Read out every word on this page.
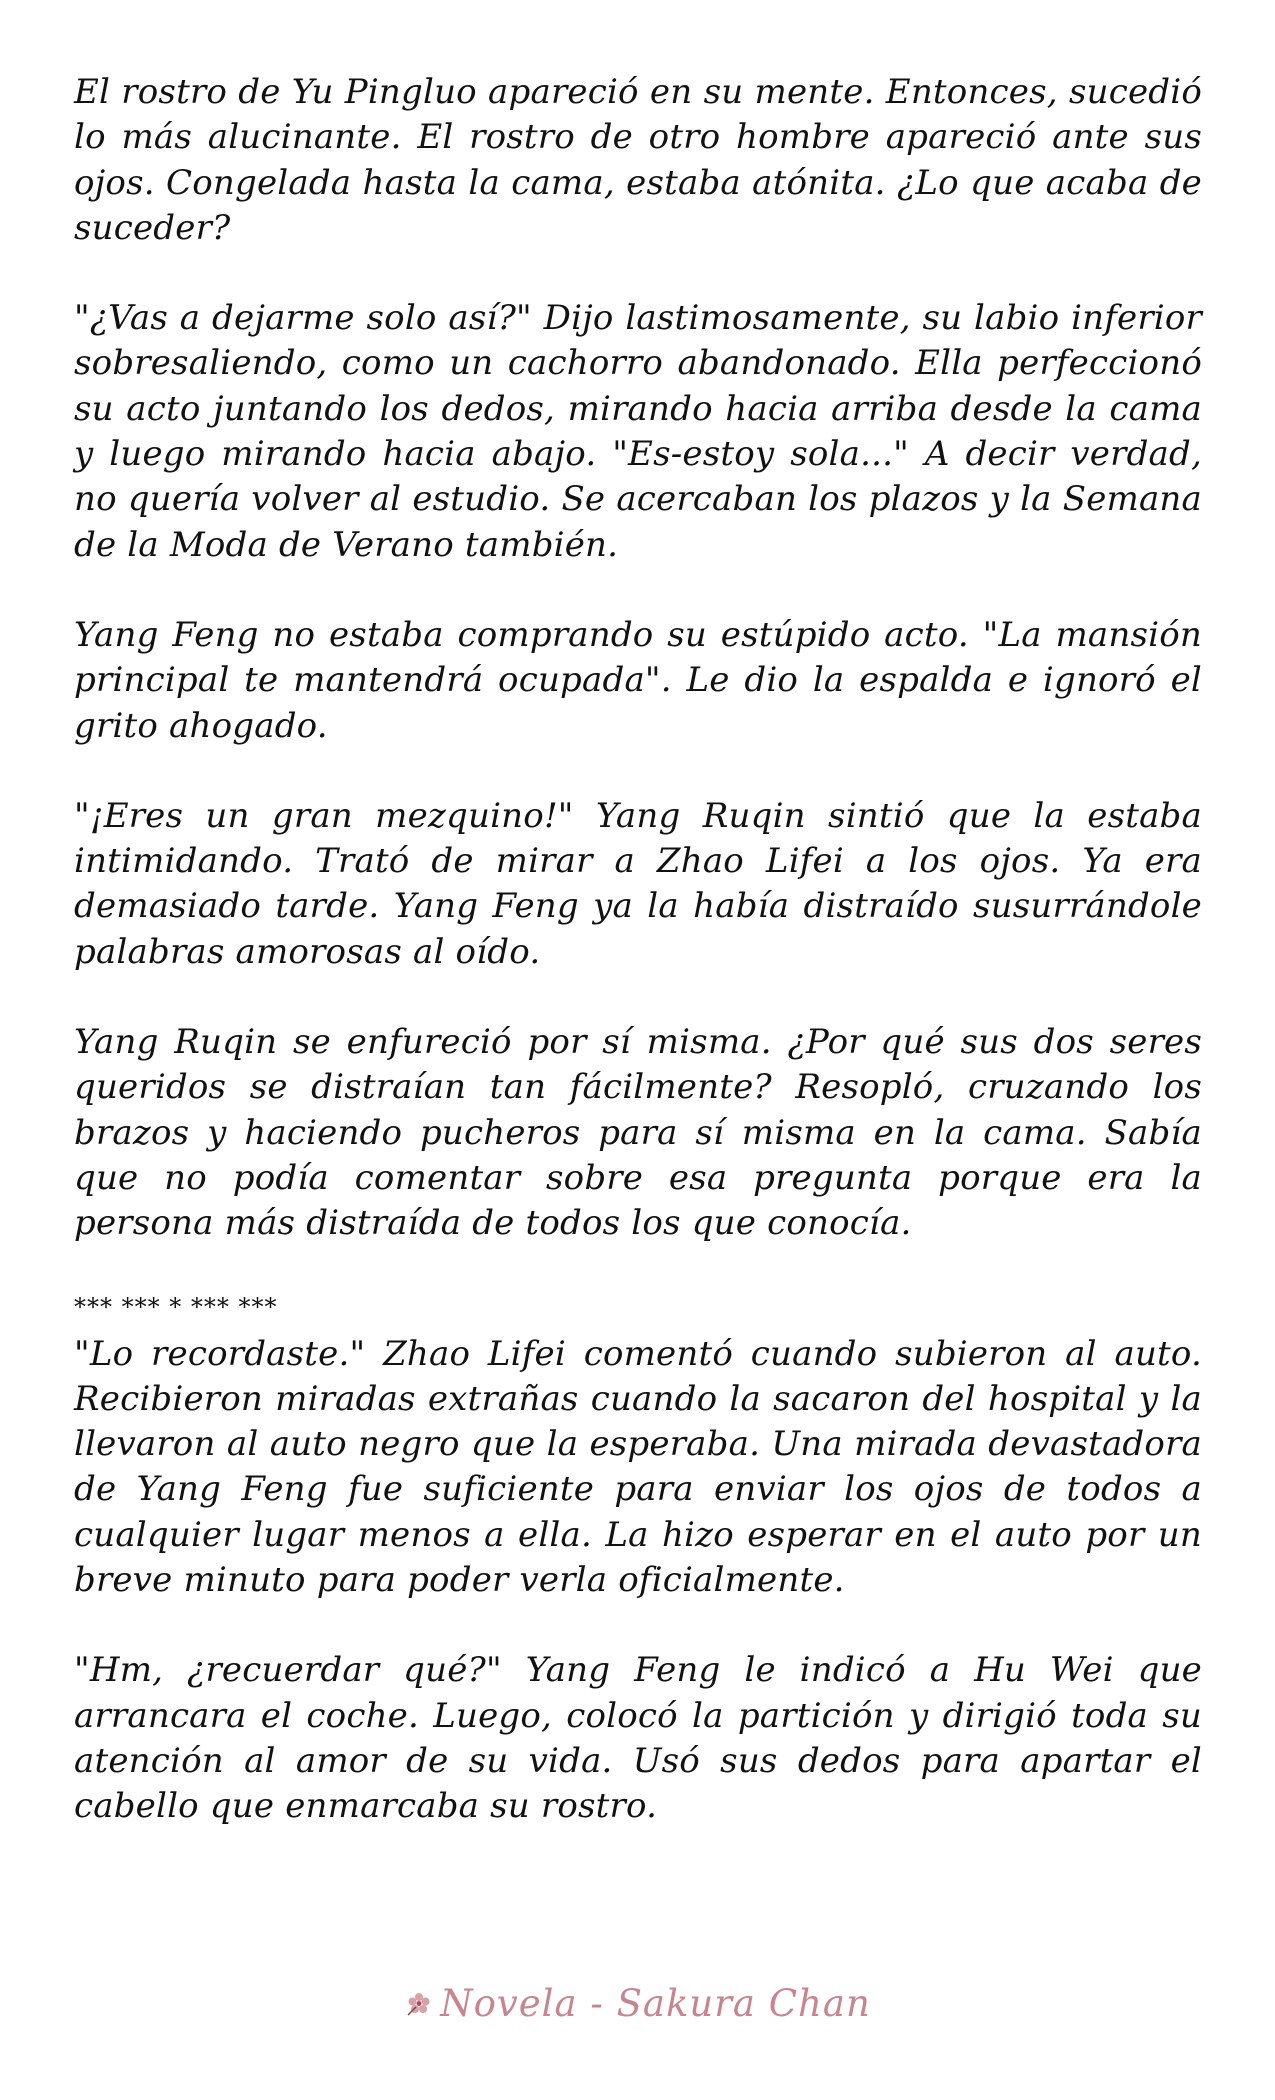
El rostro de Yu Pingluo apareció en su mente. Entonces, sucedió lo más alucinante. El rostro de otro hombre apareció ante sus ojos. Congelada hasta la cama, estaba atónita. ¿Lo que acaba de suceder?

"¿Vas a dejarme solo así?" Dijo lastimosamente, su labio inferior sobresaliendo, como un cachorro abandonado. Ella perfeccionó su acto juntando los dedos, mirando hacia arriba desde la cama y luego mirando hacia abajo. "Es-estoy sola..." A decir verdad, no quería volver al estudio. Se acercaban los plazos y la Semana de la Moda de Verano también.

Yang Feng no estaba comprando su estúpido acto. "La mansión principal te mantendrá ocupada". Le dio la espalda e ignoró el grito ahogado.

"¡Eres un gran mezquino!" Yang Ruqin sintió que la estaba intimidando. Trató de mirar a Zhao Lifei a los ojos. Ya era demasiado tarde. Yang Feng ya la había distraído susurrándole palabras amorosas al oído.

Yang Ruqin se enfureció por sí misma. ¿Por qué sus dos seres queridos se distraían tan fácilmente? Resopló, cruzando los brazos y haciendo pucheros para sí misma en la cama. Sabía que no podía comentar sobre esa pregunta porque era la persona más distraída de todos los que conocía.

*** *** * *** ***

"Lo recordaste." Zhao Lifei comentó cuando subieron al auto. Recibieron miradas extrañas cuando la sacaron del hospital y la llevaron al auto negro que la esperaba. Una mirada devastadora de Yang Feng fue suficiente para enviar los ojos de todos a cualquier lugar menos a ella. La hizo esperar en el auto por un breve minuto para poder verla oficialmente.

"Hm, ¿recuerdar qué?" Yang Feng le indicó a Hu Wei que arrancara el coche. Luego, colocó la partición y dirigió toda su atención al amor de su vida. Usó sus dedos para apartar el cabello que enmarcaba su rostro.

Novela - Sakura Chan
